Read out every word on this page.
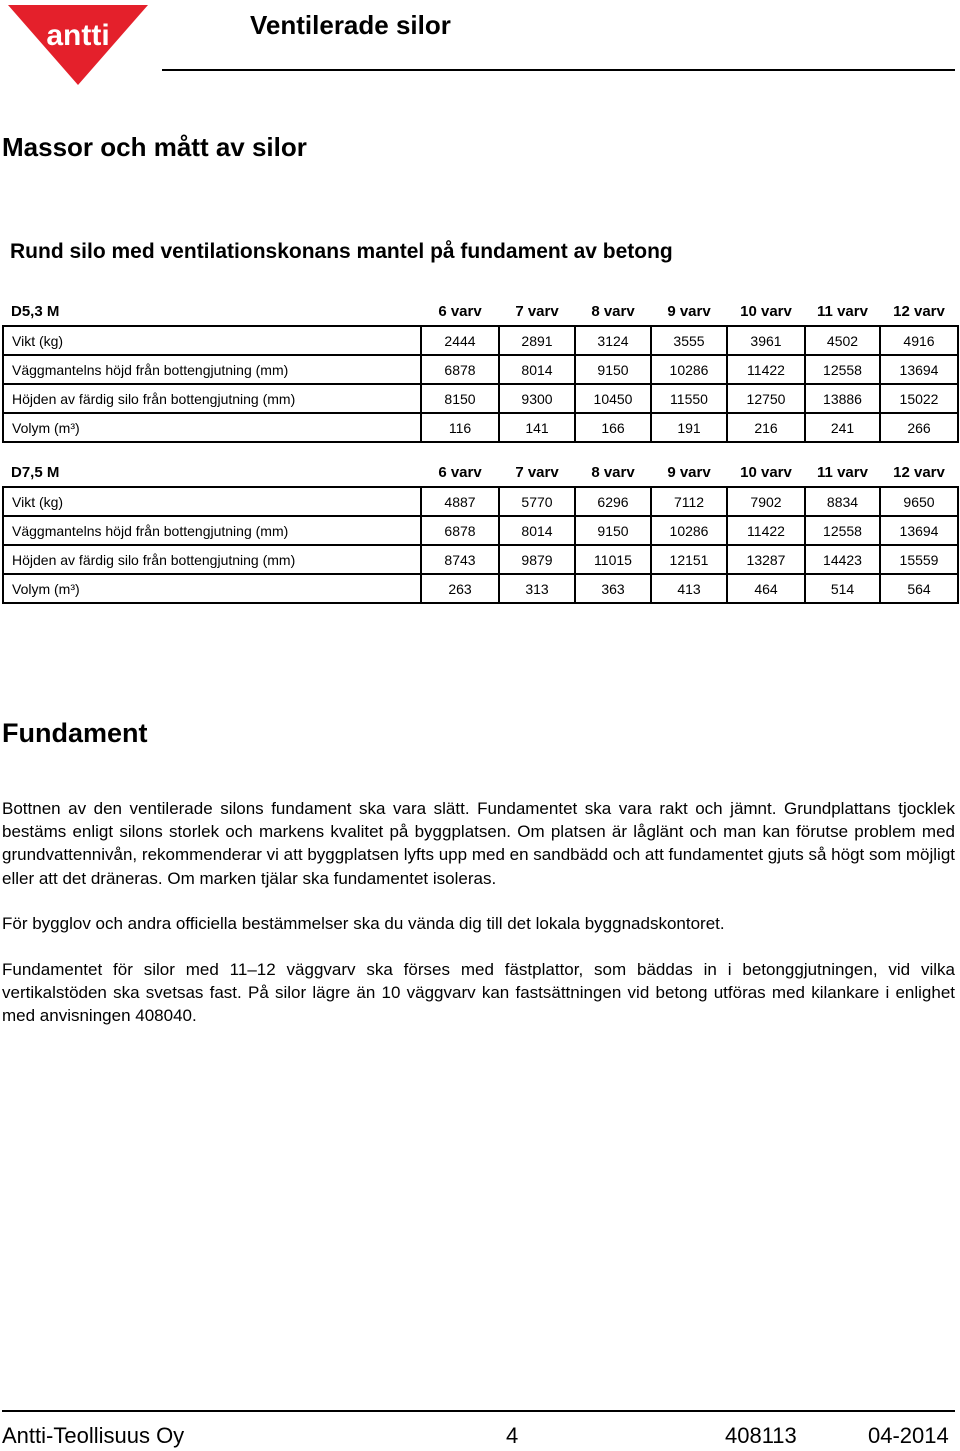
antti	Ventilerade silor
Massor och mått av silor
Rund silo med ventilationskonans mantel på fundament av betong
D5,3 M	6 varv	7 varv	8 varv	9 varv	10 varv	11 varv	12 varv
Vikt (kg)	2444	2891	3124	3555	3961	4502	4916
Väggmantelns höjd från bottengjutning (mm)	6878	8014	9150	10286	11422	12558	13694
Höjden av färdig silo från bottengjutning (mm)	8150	9300	10450	11550	12750	13886	15022
Volym (m³)	116	141	166	191	216	241	266
D7,5 M	6 varv	7 varv	8 varv	9 varv	10 varv	11 varv	12 varv
Vikt (kg)	4887	5770	6296	7112	7902	8834	9650
Väggmantelns höjd från bottengjutning (mm)	6878	8014	9150	10286	11422	12558	13694
Höjden av färdig silo från bottengjutning (mm)	8743	9879	11015	12151	13287	14423	15559
Volym (m³)	263	313	363	413	464	514	564
Fundament

Bottnen av den ventilerade silons fundament ska vara slätt. Fundamentet ska vara rakt och jämnt. Grundplattans tjocklek bestäms enligt silons storlek och markens kvalitet på byggplatsen. Om platsen är låglänt och man kan förutse problem med grundvattennivån, rekommenderar vi att byggplatsen lyfts upp med en sandbädd och att fundamentet gjuts så högt som möjligt eller att det dräneras. Om marken tjälar ska fundamentet isoleras.

För bygglov och andra officiella bestämmelser ska du vända dig till det lokala byggnadskontoret.

Fundamentet för silor med 11–12 väggvarv ska förses med fästplattor, som bäddas in i betonggjutningen, vid vilka vertikalstöden ska svetsas fast. På silor lägre än 10 väggvarv kan fastsättningen vid betong utföras med kilankare i enlighet med anvisningen 408040.

Antti-Teollisuus Oy	4	408113	04-2014
